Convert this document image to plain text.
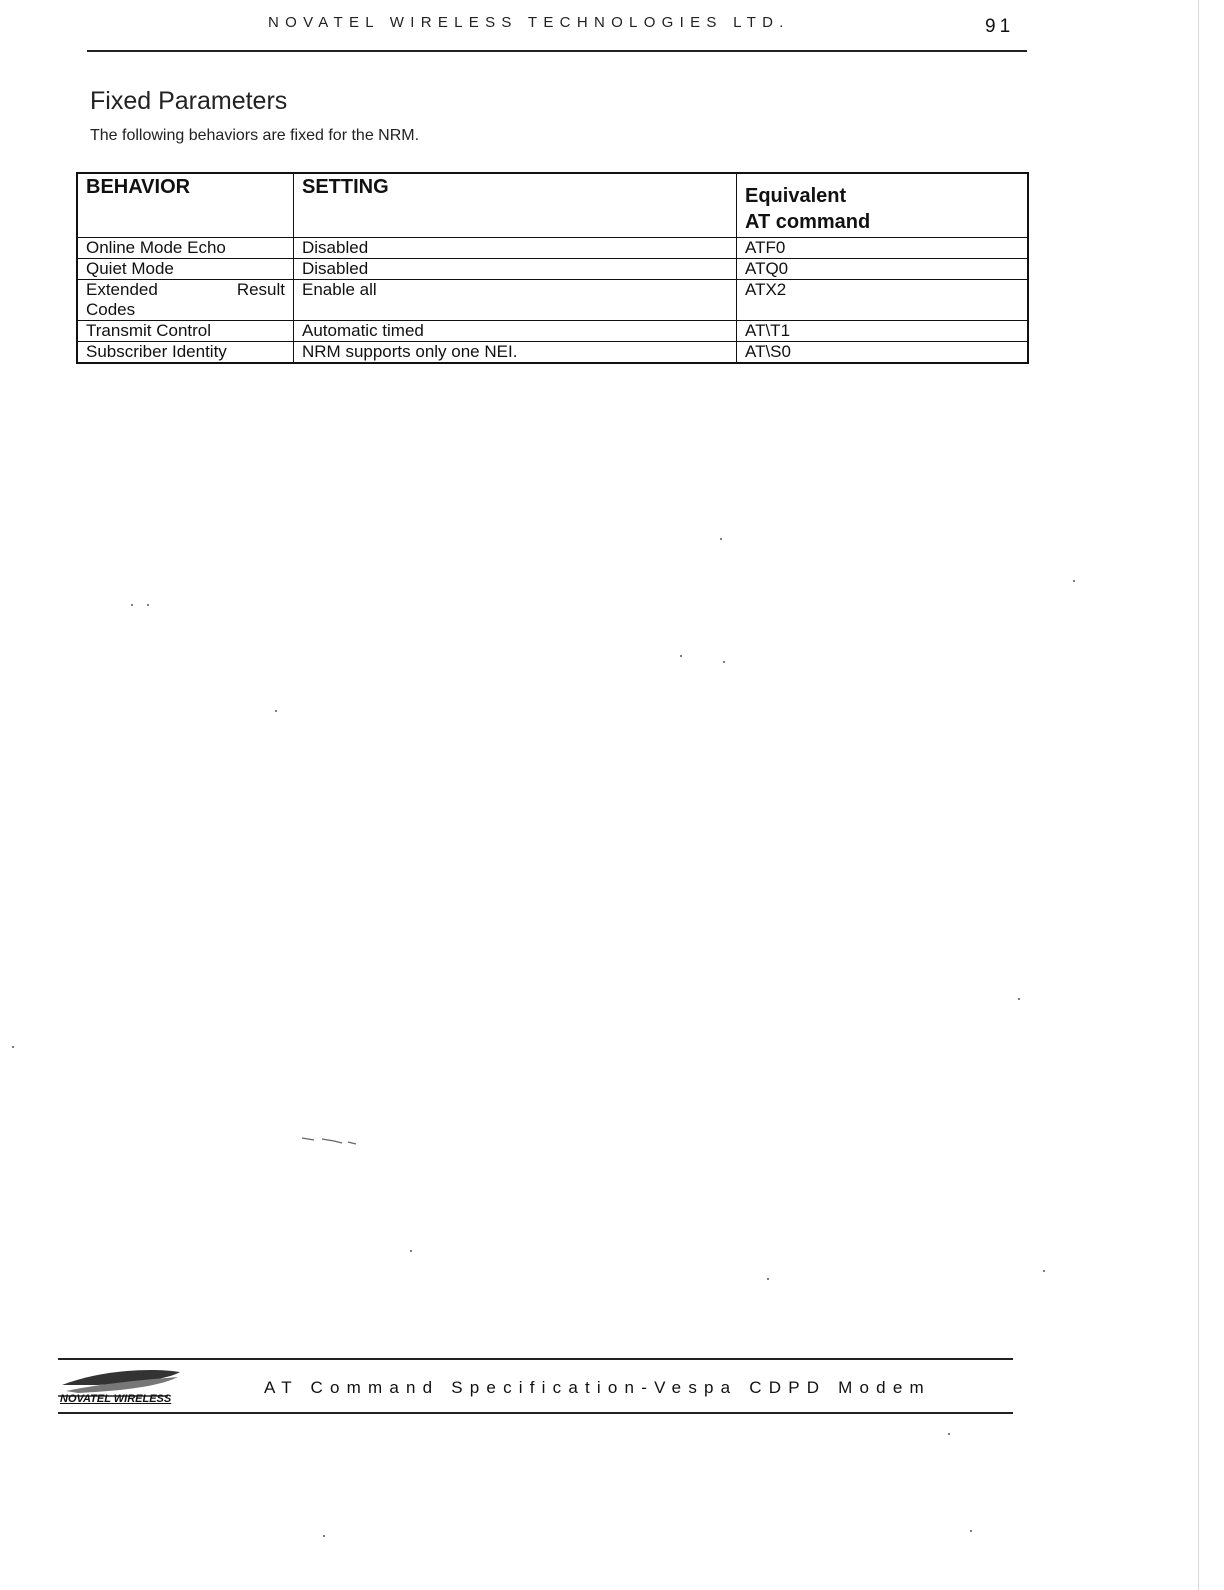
NOVATEL WIRELESS TECHNOLOGIES LTD.	91
Fixed Parameters
The following behaviors are fixed for the NRM.
BEHAVIOR	SETTING	Equivalent
AT command

Online Mode Echo	Disabled	ATF0
Quiet Mode	Disabled	ATQ0

Extended Result
Codes	Enable all	ATX2
Transmit Control	Automatic timed	AT\T1
Subscriber Identity	NRM supports only one NEI.	AT\S0
NOVATEL WIRELESS
AT Command Specification-Vespa CDPD Modem
